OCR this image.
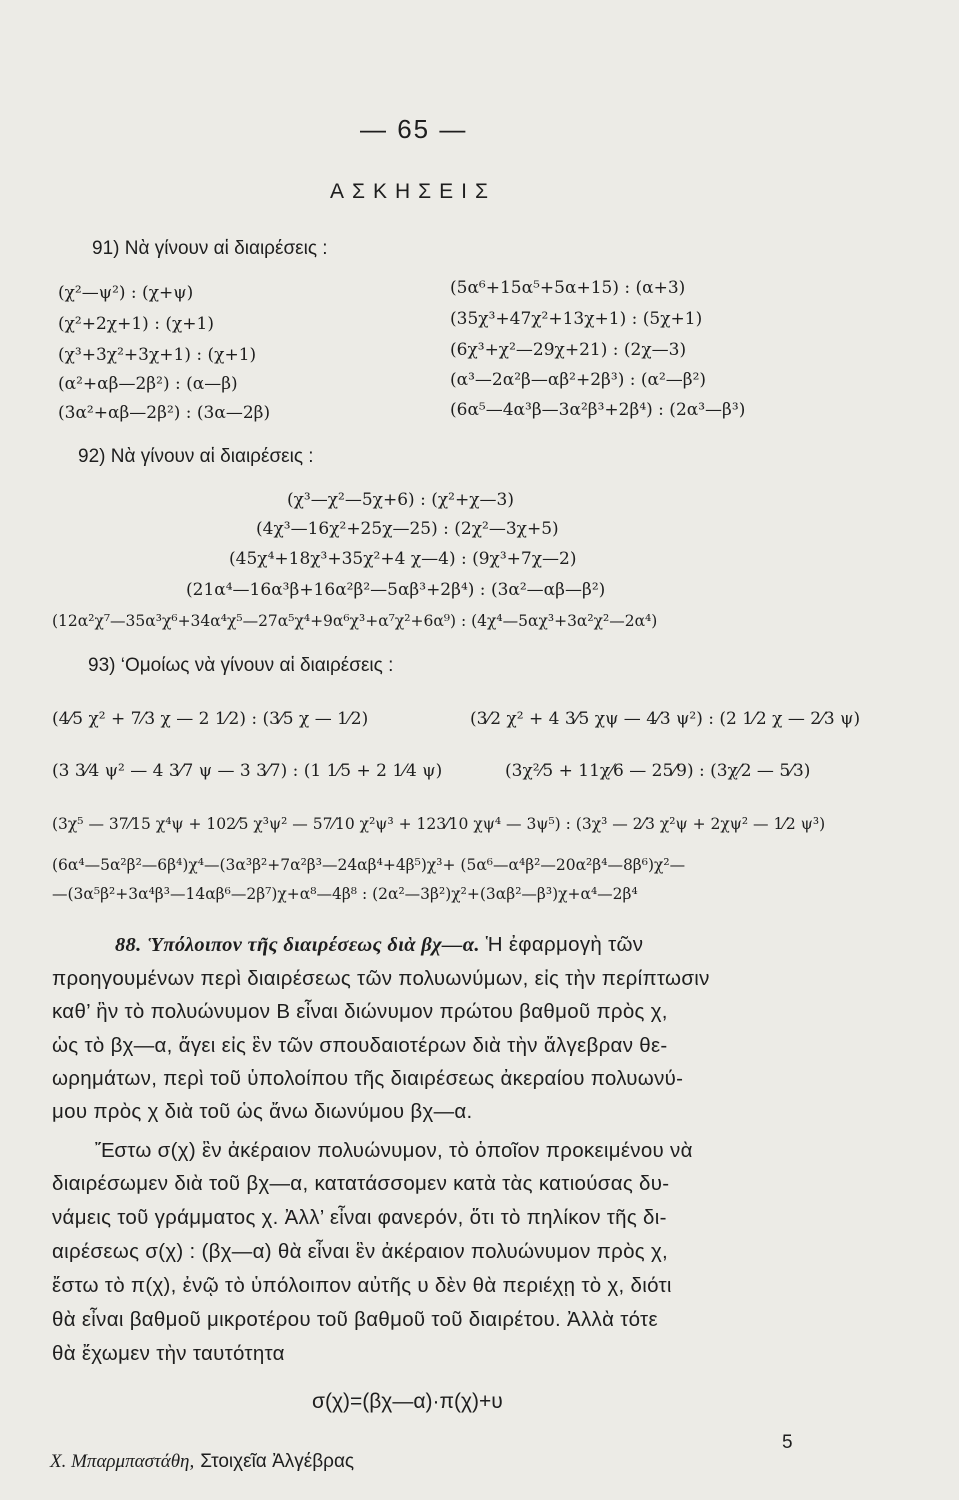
— 65 —
ΑΣΚΗΣΕΙΣ
91) Νὰ γίνουν αἱ διαιρέσεις :
(χ²—ψ²) : (χ+ψ)
(χ²+2χ+1) : (χ+1)
(χ³+3χ²+3χ+1) : (χ+1)
(α²+αβ—2β²) : (α—β)
(3α²+αβ—2β²) : (3α—2β)
(5α⁶+15α⁵+5α+15) : (α+3)
(35χ³+47χ²+13χ+1) : (5χ+1)
(6χ³+χ²—29χ+21) : (2χ—3)
(α³—2α²β—αβ²+2β³) : (α²—β²)
(6α⁵—4α³β—3α²β³+2β⁴) : (2α³—β³)
92) Νὰ γίνουν αἱ διαιρέσεις :
(χ³—χ²—5χ+6) : (χ²+χ—3)
(4χ³—16χ²+25χ—25) : (2χ²—3χ+5)
(45χ⁴+18χ³+35χ²+4 χ—4) : (9χ³+7χ—2)
(21α⁴—16α³β+16α²β²—5αβ³+2β⁴) : (3α²—αβ—β²)
(12α²χ⁷—35α³χ⁶+34α⁴χ⁵—27α⁵χ⁴+9α⁶χ³+α⁷χ²+6α⁹) : (4χ⁴—5αχ³+3α²χ²—2α⁴)
93) ‘Ομοίως νὰ γίνουν αἱ διαιρέσεις :
(4⁄5 χ² + 7⁄3 χ — 2 1⁄2) : (3⁄5 χ — 1⁄2)	(3⁄2 χ² + 4 3⁄5 χψ — 4⁄3 ψ²) : (2 1⁄2 χ — 2⁄3 ψ)
(3 3⁄4 ψ² — 4 3⁄7 ψ — 3 3⁄7) : (1 1⁄5 + 2 1⁄4 ψ)	(3χ²⁄5 + 11χ⁄6 — 25⁄9) : (3χ⁄2 — 5⁄3)
(3χ⁵ — 37⁄15 χ⁴ψ + 102⁄5 χ³ψ² — 57⁄10 χ²ψ³ + 123⁄10 χψ⁴ — 3ψ⁵) : (3χ³ — 2⁄3 χ²ψ + 2χψ² — 1⁄2 ψ³)
(6α⁴—5α²β²—6β⁴)χ⁴—(3α³β²+7α²β³—24αβ⁴+4β⁵)χ³+ (5α⁶—α⁴β²—20α²β⁴—8β⁶)χ²—
—(3α⁵β²+3α⁴β³—14αβ⁶—2β⁷)χ+α⁸—4β⁸ : (2α²—3β²)χ²+(3αβ²—β³)χ+α⁴—2β⁴
88. Ὑπόλοιπον τῆς διαιρέσεως διὰ βχ—α. Ἡ ἐφαρμογὴ τῶν
προηγουμένων περὶ διαιρέσεως τῶν πολυωνύμων, εἰς τὴν περίπτωσιν
καθ’ ἣν τὸ πολυώνυμον Β εἶναι διώνυμον πρώτου βαθμοῦ πρὸς χ,
ὡς τὸ βχ—α, ἄγει εἰς ἓν τῶν σπουδαιοτέρων διὰ τὴν ἄλγεβραν θε-
ωρημάτων, περὶ τοῦ ὑπολοίπου τῆς διαιρέσεως ἀκεραίου πολυωνύ-
μου πρὸς χ διὰ τοῦ ὡς ἄνω διωνύμου βχ—α.
Ἔστω σ(χ) ἓν ἀκέραιον πολυώνυμον, τὸ ὁποῖον προκειμένου νὰ
διαιρέσωμεν διὰ τοῦ βχ—α, κατατάσσομεν κατὰ τὰς κατιούσας δυ-
νάμεις τοῦ γράμματος χ. Ἀλλ’ εἶναι φανερόν, ὅτι τὸ πηλίκον τῆς δι-
αιρέσεως σ(χ) : (βχ—α) θὰ εἶναι ἓν ἀκέραιον πολυώνυμον πρὸς χ,
ἔστω τὸ π(χ), ἐνῷ τὸ ὑπόλοιπον αὐτῆς υ δὲν θὰ περιέχῃ τὸ χ, διότι
θὰ εἶναι βαθμοῦ μικροτέρου τοῦ βαθμοῦ τοῦ διαιρέτου. Ἀλλὰ τότε
θὰ ἔχωμεν τὴν ταυτότητα
σ(χ)=(βχ—α)·π(χ)+υ
Χ. Μπαρμπαστάθη, Στοιχεῖα Ἀλγέβρας
5
